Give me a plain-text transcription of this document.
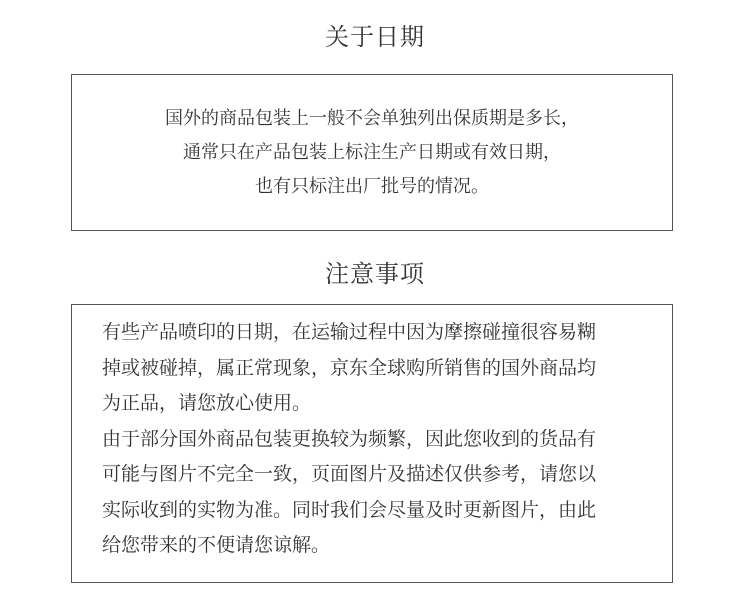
关于日期

国外的商品包装上一般不会单独列出保质期是多长，

通常只在产品包装上标注生产日期或有效日期，

也有只标注出厂批号的情况。

注意事项

有些产品喷印的日期，在运输过程中因为摩擦碰撞很容易糊

掉或被碰掉，属正常现象，京东全球购所销售的国外商品均

为正品，请您放心使用。

由于部分国外商品包装更换较为频繁，因此您收到的货品有

可能与图片不完全一致，页面图片及描述仅供参考，请您以

实际收到的实物为准。同时我们会尽量及时更新图片，由此

给您带来的不便请您谅解。
